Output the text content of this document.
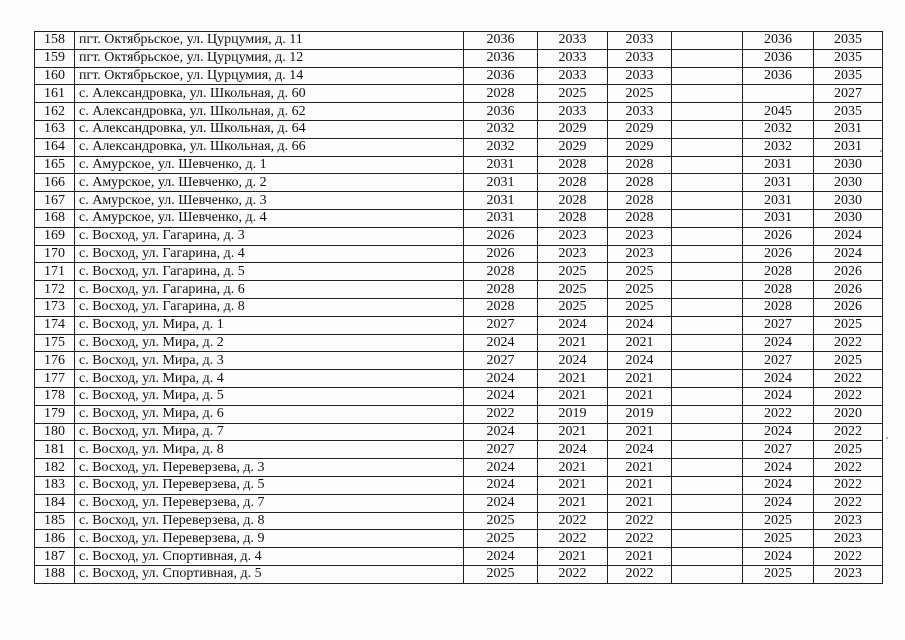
158	пгт. Октябрьское, ул. Цурцумия, д. 11	2036	2033	2033		2036	2035
159	пгт. Октябрьское, ул. Цурцумия, д. 12	2036	2033	2033		2036	2035
160	пгт. Октябрьское, ул. Цурцумия, д. 14	2036	2033	2033		2036	2035
161	с. Александровка, ул. Школьная, д. 60	2028	2025	2025			2027
162	с. Александровка, ул. Школьная, д. 62	2036	2033	2033		2045	2035
163	с. Александровка, ул. Школьная, д. 64	2032	2029	2029		2032	2031
164	с. Александровка, ул. Школьная, д. 66	2032	2029	2029		2032	2031
165	с. Амурское, ул. Шевченко, д. 1	2031	2028	2028		2031	2030
166	с. Амурское, ул. Шевченко, д. 2	2031	2028	2028		2031	2030
167	с. Амурское, ул. Шевченко, д. 3	2031	2028	2028		2031	2030
168	с. Амурское, ул. Шевченко, д. 4	2031	2028	2028		2031	2030
169	с. Восход, ул. Гагарина, д. 3	2026	2023	2023		2026	2024
170	с. Восход, ул. Гагарина, д. 4	2026	2023	2023		2026	2024
171	с. Восход, ул. Гагарина, д. 5	2028	2025	2025		2028	2026
172	с. Восход, ул. Гагарина, д. 6	2028	2025	2025		2028	2026
173	с. Восход, ул. Гагарина, д. 8	2028	2025	2025		2028	2026
174	с. Восход, ул. Мира, д. 1	2027	2024	2024		2027	2025
175	с. Восход, ул. Мира, д. 2	2024	2021	2021		2024	2022
176	с. Восход, ул. Мира, д. 3	2027	2024	2024		2027	2025
177	с. Восход, ул. Мира, д. 4	2024	2021	2021		2024	2022
178	с. Восход, ул. Мира, д. 5	2024	2021	2021		2024	2022
179	с. Восход, ул. Мира, д. 6	2022	2019	2019		2022	2020
180	с. Восход, ул. Мира, д. 7	2024	2021	2021		2024	2022
181	с. Восход, ул. Мира, д. 8	2027	2024	2024		2027	2025
182	с. Восход, ул. Переверзева, д. 3	2024	2021	2021		2024	2022
183	с. Восход, ул. Переверзева, д. 5	2024	2021	2021		2024	2022
184	с. Восход, ул. Переверзева, д. 7	2024	2021	2021		2024	2022
185	с. Восход, ул. Переверзева, д. 8	2025	2022	2022		2025	2023
186	с. Восход, ул. Переверзева, д. 9	2025	2022	2022		2025	2023
187	с. Восход, ул. Спортивная, д. 4	2024	2021	2021		2024	2022
188	с. Восход, ул. Спортивная, д. 5	2025	2022	2022		2025	2023
